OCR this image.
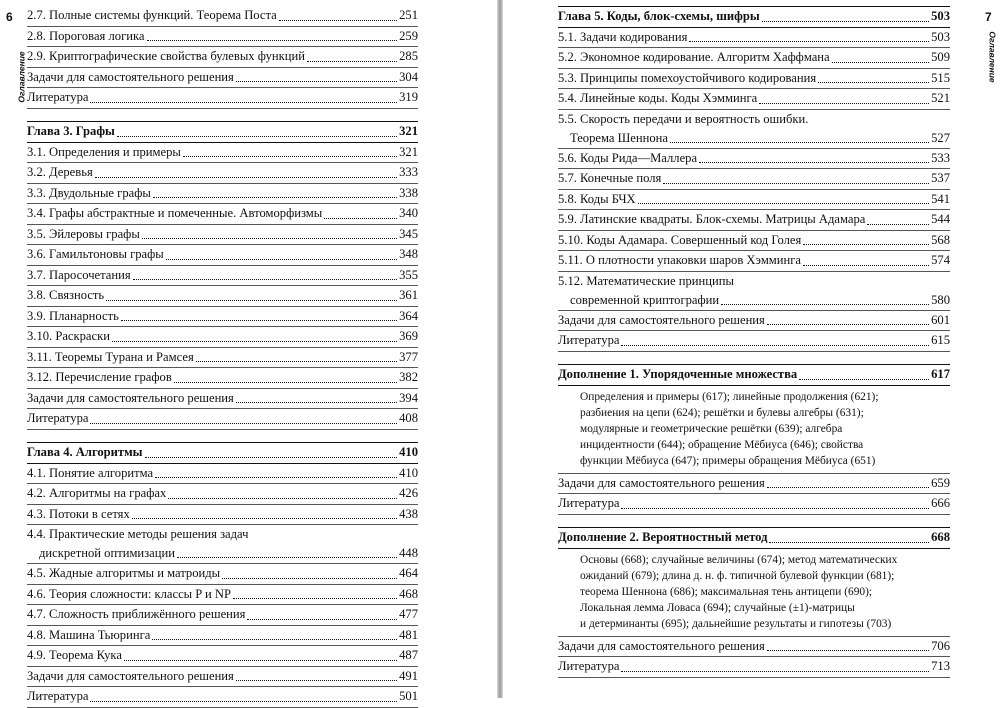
6
Оглавление
2.7. Полные системы функций. Теорема Поста	251
2.8. Пороговая логика	259
2.9. Криптографические свойства булевых функций	285
Задачи для самостоятельного решения	304
Литература	319
Глава 3. Графы	321
3.1. Определения и примеры	321
3.2. Деревья	333
3.3. Двудольные графы	338
3.4. Графы абстрактные и помеченные. Автоморфизмы	340
3.5. Эйлеровы графы	345
3.6. Гамильтоновы графы	348
3.7. Паросочетания	355
3.8. Связность	361
3.9. Планарность	364
3.10. Раскраски	369
3.11. Теоремы Турана и Рамсея	377
3.12. Перечисление графов	382
Задачи для самостоятельного решения	394
Литература	408
Глава 4. Алгоритмы	410
4.1. Понятие алгоритма	410
4.2. Алгоритмы на графах	426
4.3. Потоки в сетях	438
4.4. Практические методы решения задач
дискретной оптимизации	448
4.5. Жадные алгоритмы и матроиды	464
4.6. Теория сложности: классы P и NP	468
4.7. Сложность приближённого решения	477
4.8. Машина Тьюринга	481
4.9. Теорема Кука	487
Задачи для самостоятельного решения	491
Литература	501
7
Оглавление
Глава 5. Коды, блок-схемы, шифры	503
5.1. Задачи кодирования	503
5.2. Экономное кодирование. Алгоритм Хаффмана	509
5.3. Принципы помехоустойчивого кодирования	515
5.4. Линейные коды. Коды Хэмминга	521
5.5. Скорость передачи и вероятность ошибки.
Теорема Шеннона	527
5.6. Коды Рида—Маллера	533
5.7. Конечные поля	537
5.8. Коды БЧХ	541
5.9. Латинские квадраты. Блок-схемы. Матрицы Адамара	544
5.10. Коды Адамара. Совершенный код Голея	568
5.11. О плотности упаковки шаров Хэмминга	574
5.12. Математические принципы
современной криптографии	580
Задачи для самостоятельного решения	601
Литература	615
Дополнение 1. Упорядоченные множества	617
Определения и примеры (617); линейные продолжения (621);
разбиения на цепи (624); решётки и булевы алгебры (631);
модулярные и геометрические решётки (639); алгебра
инцидентности (644); обращение Мёбиуса (646); свойства
функции Мёбиуса (647); примеры обращения Мёбиуса (651)
Задачи для самостоятельного решения	659
Литература	666
Дополнение 2. Вероятностный метод	668
Основы (668); случайные величины (674); метод математических
ожиданий (679); длина д. н. ф. типичной булевой функции (681);
теорема Шеннона (686); максимальная тень антицепи (690);
Локальная лемма Ловаса (694); случайные (±1)-матрицы
и детерминанты (695); дальнейшие результаты и гипотезы (703)
Задачи для самостоятельного решения	706
Литература	713
